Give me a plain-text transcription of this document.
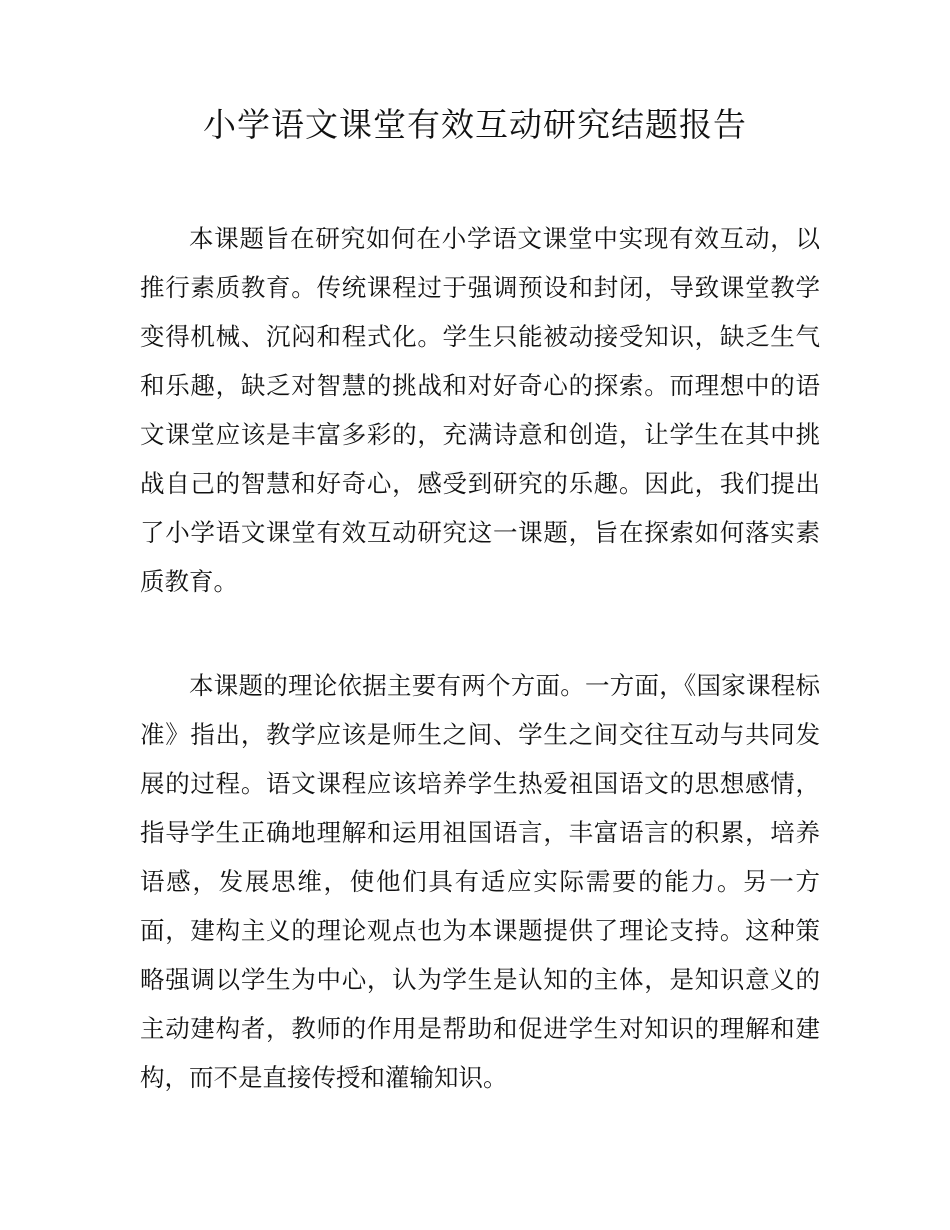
小学语文课堂有效互动研究结题报告

本课题旨在研究如何在小学语文课堂中实现有效互动，以推行素质教育。传统课程过于强调预设和封闭，导致课堂教学变得机械、沉闷和程式化。学生只能被动接受知识，缺乏生气和乐趣，缺乏对智慧的挑战和对好奇心的探索。而理想中的语文课堂应该是丰富多彩的，充满诗意和创造，让学生在其中挑战自己的智慧和好奇心，感受到研究的乐趣。因此，我们提出了小学语文课堂有效互动研究这一课题，旨在探索如何落实素质教育。

本课题的理论依据主要有两个方面。一方面，《国家课程标准》指出，教学应该是师生之间、学生之间交往互动与共同发展的过程。语文课程应该培养学生热爱祖国语文的思想感情，指导学生正确地理解和运用祖国语言，丰富语言的积累，培养语感，发展思维，使他们具有适应实际需要的能力。另一方面，建构主义的理论观点也为本课题提供了理论支持。这种策略强调以学生为中心，认为学生是认知的主体，是知识意义的主动建构者，教师的作用是帮助和促进学生对知识的理解和建构，而不是直接传授和灌输知识。
